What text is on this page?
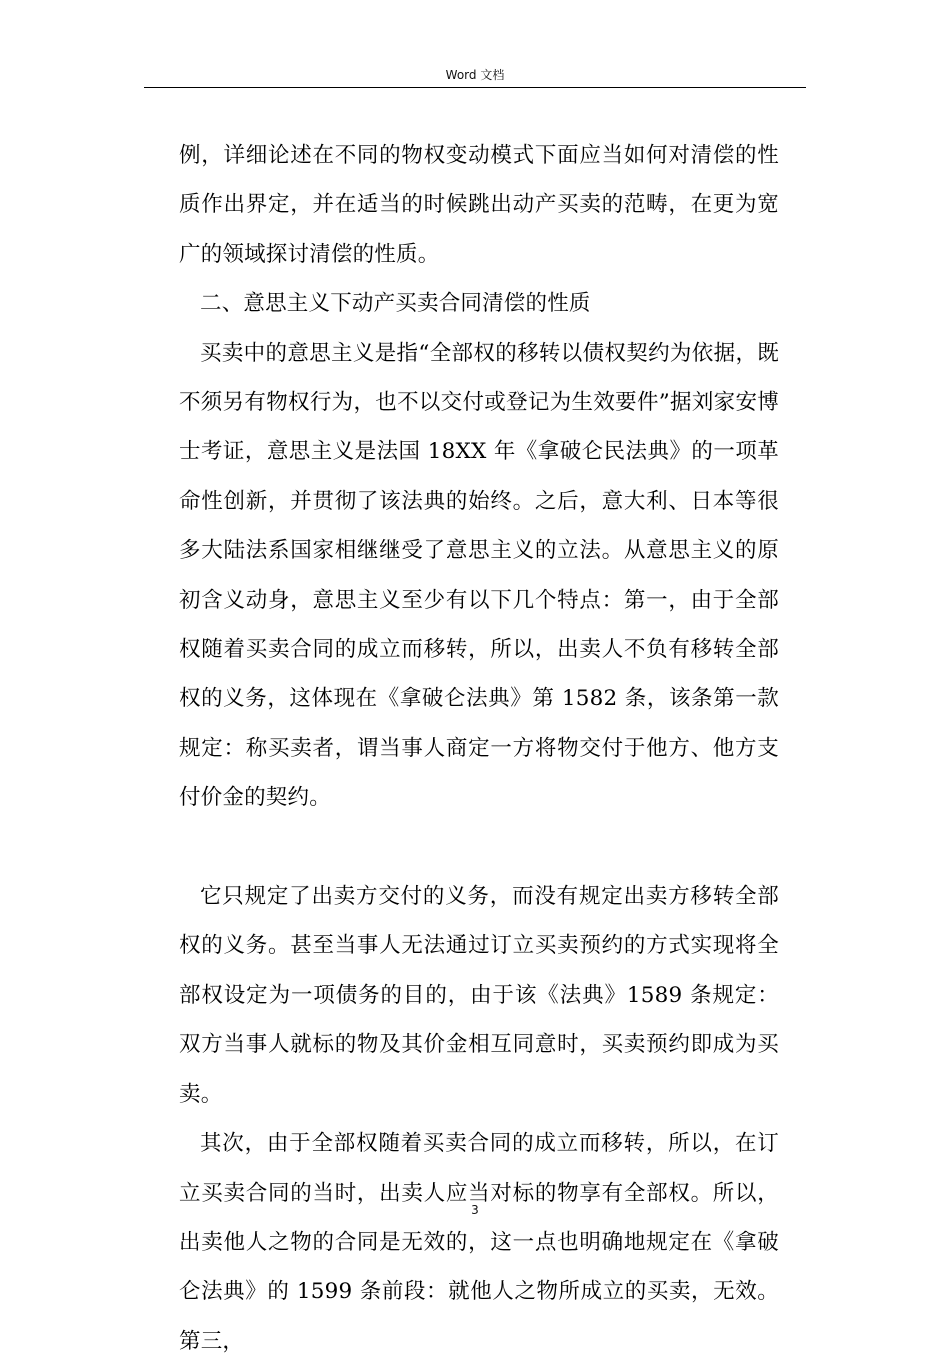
Word 文档

例，详细论述在不同的物权变动模式下面应当如何对清偿的性质作出界定，并在适当的时候跳出动产买卖的范畴，在更为宽广的领域探讨清偿的性质。

二、意思主义下动产买卖合同清偿的性质

买卖中的意思主义是指“全部权的移转以债权契约为依据，既不须另有物权行为，也不以交付或登记为生效要件”据刘家安博士考证，意思主义是法国 18XX 年《拿破仑民法典》的一项革命性创新，并贯彻了该法典的始终。之后，意大利、日本等很多大陆法系国家相继继受了意思主义的立法。从意思主义的原初含义动身，意思主义至少有以下几个特点：第一，由于全部权随着买卖合同的成立而移转，所以，出卖人不负有移转全部权的义务，这体现在《拿破仑法典》第 1582 条，该条第一款规定：称买卖者，谓当事人商定一方将物交付于他方、他方支付价金的契约。

它只规定了出卖方交付的义务，而没有规定出卖方移转全部权的义务。甚至当事人无法通过订立买卖预约的方式实现将全部权设定为一项债务的目的，由于该《法典》1589 条规定：双方当事人就标的物及其价金相互同意时，买卖预约即成为买卖。

其次，由于全部权随着买卖合同的成立而移转，所以，在订立买卖合同的当时，出卖人应当对标的物享有全部权。所以，出卖他人之物的合同是无效的，这一点也明确地规定在《拿破仑法典》的 1599 条前段：就他人之物所成立的买卖，无效。第三，

3
